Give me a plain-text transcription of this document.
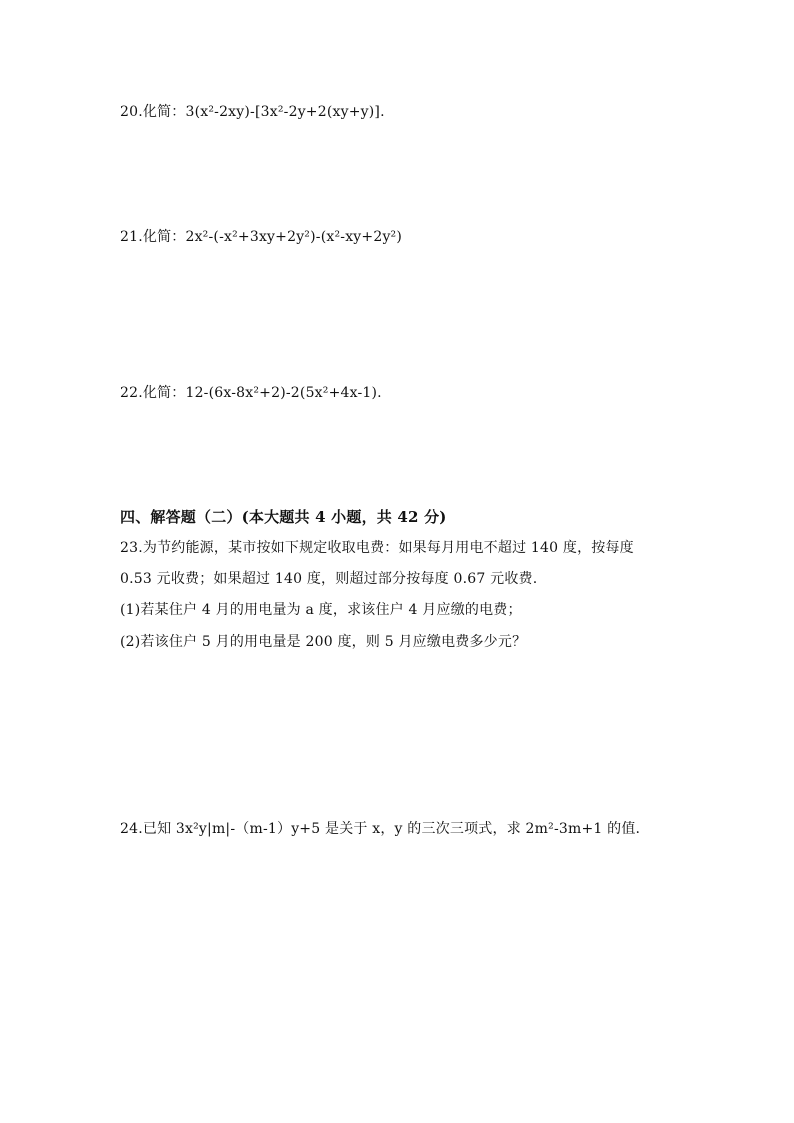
20.化简：3(x²-2xy)-[3x²-2y+2(xy+y)].
21.化简：2x²-(-x²+3xy+2y²)-(x²-xy+2y²)
22.化简：12-(6x-8x²+2)-2(5x²+4x-1).
四、解答题（二）(本大题共 4 小题，共 42 分)
23.为节约能源，某市按如下规定收取电费：如果每月用电不超过 140 度，按每度
0.53 元收费；如果超过 140 度，则超过部分按每度 0.67 元收费.
(1)若某住户 4 月的用电量为 a 度，求该住户 4 月应缴的电费；
(2)若该住户 5 月的用电量是 200 度，则 5 月应缴电费多少元？
24.已知 3x²y|m|-（m-1）y+5 是关于 x，y 的三次三项式，求 2m²-3m+1 的值.
